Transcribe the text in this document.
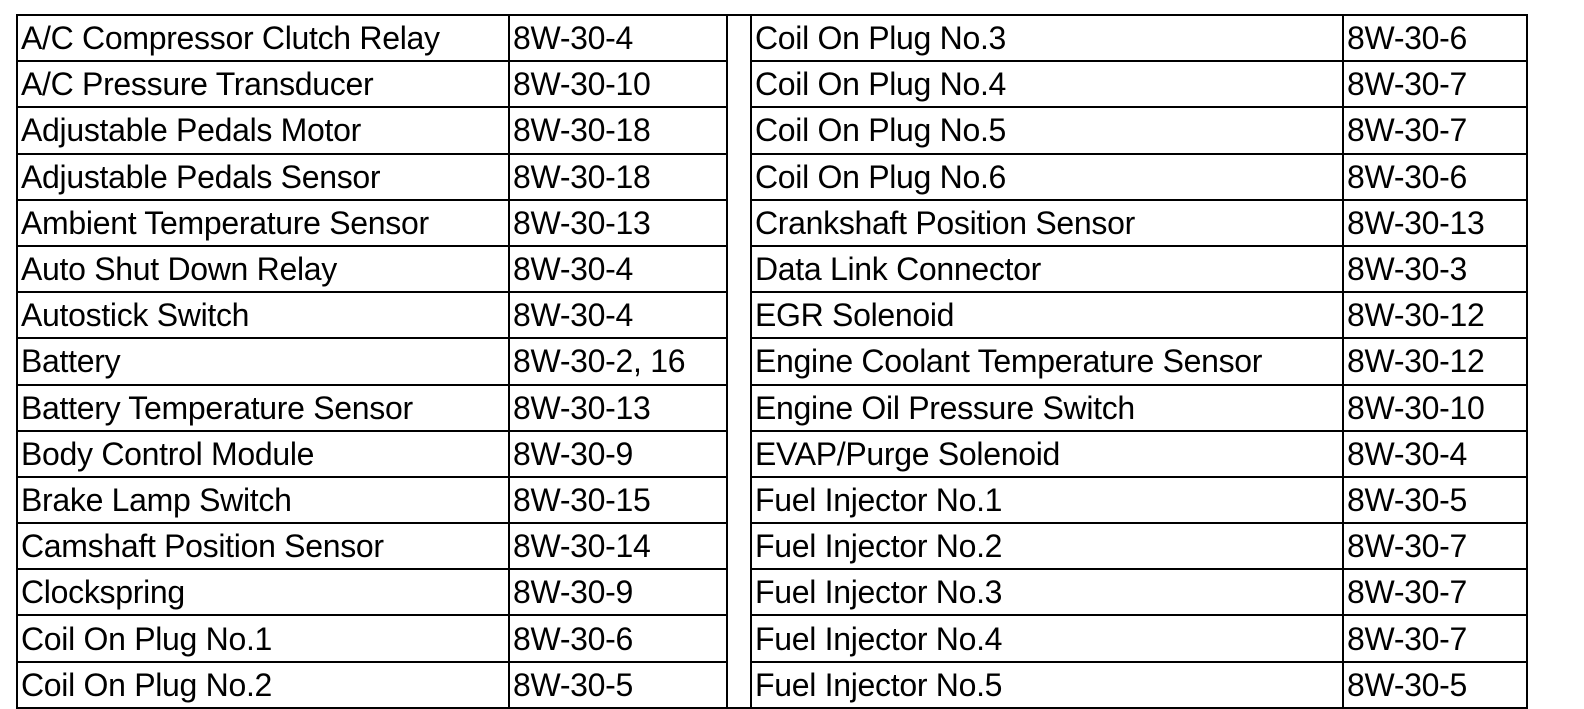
A/C Compressor Clutch Relay	8W-30-4		Coil On Plug No.3	8W-30-6
A/C Pressure Transducer	8W-30-10		Coil On Plug No.4	8W-30-7
Adjustable Pedals Motor	8W-30-18		Coil On Plug No.5	8W-30-7
Adjustable Pedals Sensor	8W-30-18		Coil On Plug No.6	8W-30-6
Ambient Temperature Sensor	8W-30-13		Crankshaft Position Sensor	8W-30-13
Auto Shut Down Relay	8W-30-4		Data Link Connector	8W-30-3
Autostick Switch	8W-30-4		EGR Solenoid	8W-30-12
Battery	8W-30-2, 16		Engine Coolant Temperature Sensor	8W-30-12
Battery Temperature Sensor	8W-30-13		Engine Oil Pressure Switch	8W-30-10
Body Control Module	8W-30-9		EVAP/Purge Solenoid	8W-30-4
Brake Lamp Switch	8W-30-15		Fuel Injector No.1	8W-30-5
Camshaft Position Sensor	8W-30-14		Fuel Injector No.2	8W-30-7
Clockspring	8W-30-9		Fuel Injector No.3	8W-30-7
Coil On Plug No.1	8W-30-6		Fuel Injector No.4	8W-30-7
Coil On Plug No.2	8W-30-5		Fuel Injector No.5	8W-30-5
